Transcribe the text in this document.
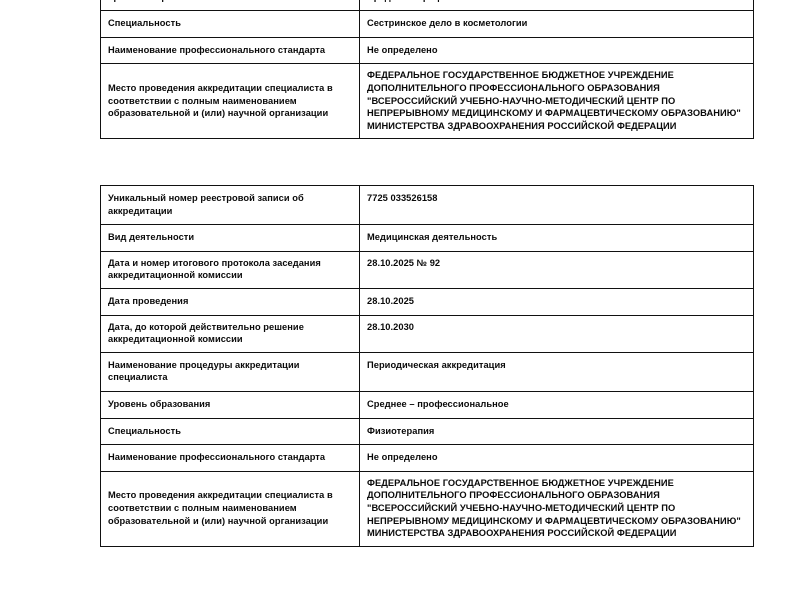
Специальность	Сестринское дело в косметологии
Наименование профессионального стандарта	Не определено
Место проведения аккредитации специалиста в соответствии с полным наименованием образовательной и (или) научной организации	ФЕДЕРАЛЬНОЕ ГОСУДАРСТВЕННОЕ БЮДЖЕТНОЕ УЧРЕЖДЕНИЕ ДОПОЛНИТЕЛЬНОГО ПРОФЕССИОНАЛЬНОГО ОБРАЗОВАНИЯ "ВСЕРОССИЙСКИЙ УЧЕБНО-НАУЧНО-МЕТОДИЧЕСКИЙ ЦЕНТР ПО НЕПРЕРЫВНОМУ МЕДИЦИНСКОМУ И ФАРМАЦЕВТИЧЕСКОМУ ОБРАЗОВАНИЮ" МИНИСТЕРСТВА ЗДРАВООХРАНЕНИЯ РОССИЙСКОЙ ФЕДЕРАЦИИ
Уникальный номер реестровой записи об аккредитации	7725 033526158
Вид деятельности	Медицинская деятельность
Дата и номер итогового протокола заседания аккредитационной комиссии	28.10.2025 № 92
Дата проведения	28.10.2025
Дата, до которой действительно решение аккредитационной комиссии	28.10.2030
Наименование процедуры аккредитации специалиста	Периодическая аккредитация
Уровень образования	Среднее – профессиональное
Специальность	Физиотерапия
Наименование профессионального стандарта	Не определено
Место проведения аккредитации специалиста в соответствии с полным наименованием образовательной и (или) научной организации	ФЕДЕРАЛЬНОЕ ГОСУДАРСТВЕННОЕ БЮДЖЕТНОЕ УЧРЕЖДЕНИЕ ДОПОЛНИТЕЛЬНОГО ПРОФЕССИОНАЛЬНОГО ОБРАЗОВАНИЯ "ВСЕРОССИЙСКИЙ УЧЕБНО-НАУЧНО-МЕТОДИЧЕСКИЙ ЦЕНТР ПО НЕПРЕРЫВНОМУ МЕДИЦИНСКОМУ И ФАРМАЦЕВТИЧЕСКОМУ ОБРАЗОВАНИЮ" МИНИСТЕРСТВА ЗДРАВООХРАНЕНИЯ РОССИЙСКОЙ ФЕДЕРАЦИИ
